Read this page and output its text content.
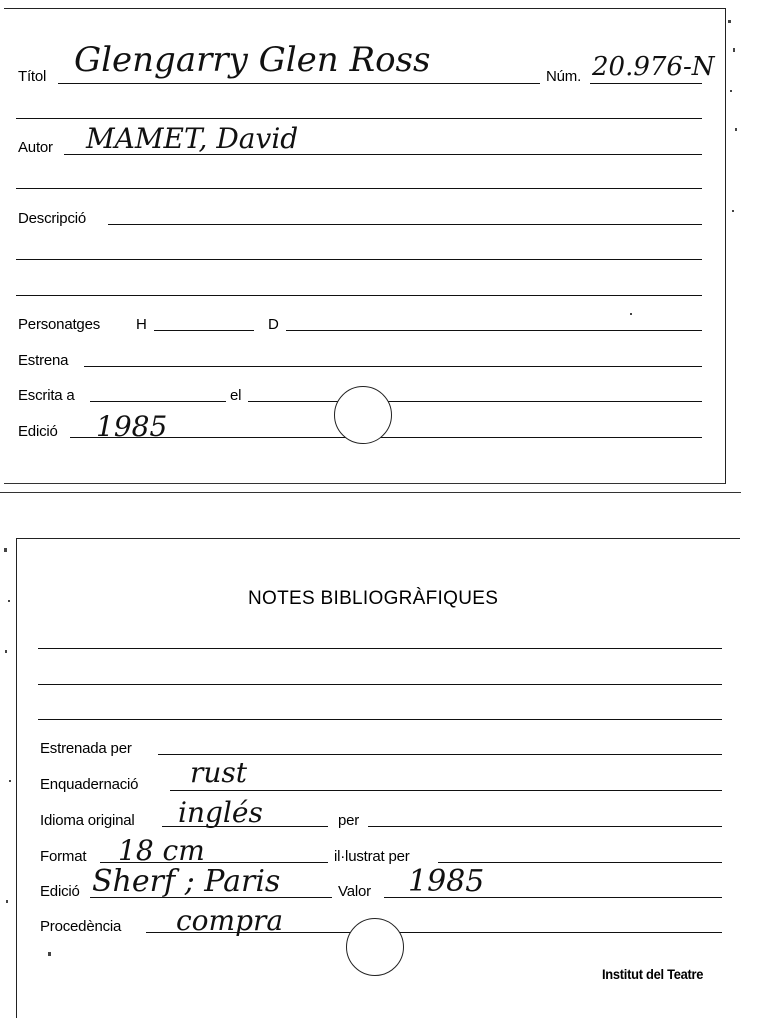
Títol Glengarry Glen Ross	Núm. 20.976-N
Autor MAMET, David
Descripció
Personatges H	D
Estrena
Escrita a	el
Edició 1985
NOTES BIBLIOGRÀFIQUES
Estrenada per
Enquadernació rust
Idioma original inglés	per
Format 18 cm	il·lustrat per
Edició Sherf ; Paris	Valor 1985
Procedència compra
Institut del Teatre
